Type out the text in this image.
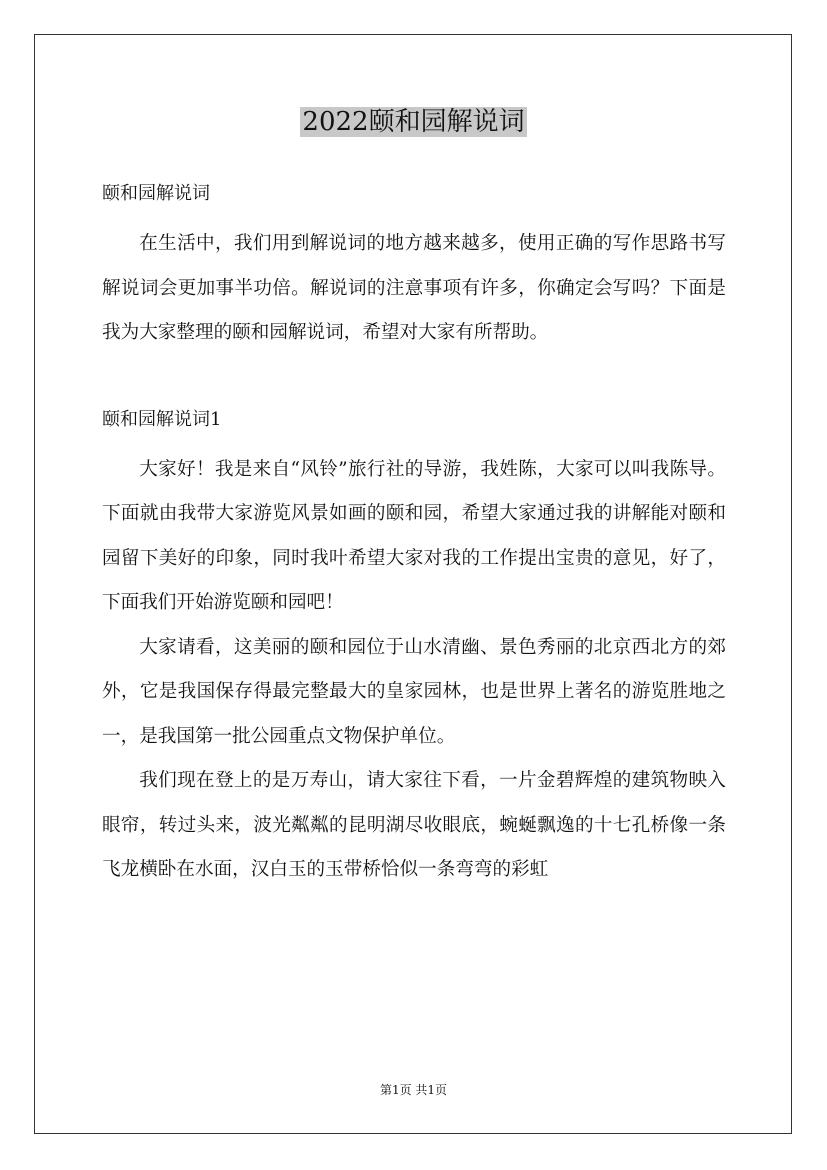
2022颐和园解说词

颐和园解说词

在生活中，我们用到解说词的地方越来越多，使用正确的写作思路书写解说词会更加事半功倍。解说词的注意事项有许多，你确定会写吗？下面是我为大家整理的颐和园解说词，希望对大家有所帮助。

颐和园解说词1

大家好！我是来自“风铃”旅行社的导游，我姓陈，大家可以叫我陈导。下面就由我带大家游览风景如画的颐和园，希望大家通过我的讲解能对颐和园留下美好的印象，同时我叶希望大家对我的工作提出宝贵的意见，好了，下面我们开始游览颐和园吧！

大家请看，这美丽的颐和园位于山水清幽、景色秀丽的北京西北方的郊外，它是我国保存得最完整最大的皇家园林，也是世界上著名的游览胜地之一，是我国第一批公园重点文物保护单位。

我们现在登上的是万寿山，请大家往下看，一片金碧辉煌的建筑物映入眼帘，转过头来，波光粼粼的昆明湖尽收眼底，蜿蜒飘逸的十七孔桥像一条飞龙横卧在水面，汉白玉的玉带桥恰似一条弯弯的彩虹

第1页 共1页
